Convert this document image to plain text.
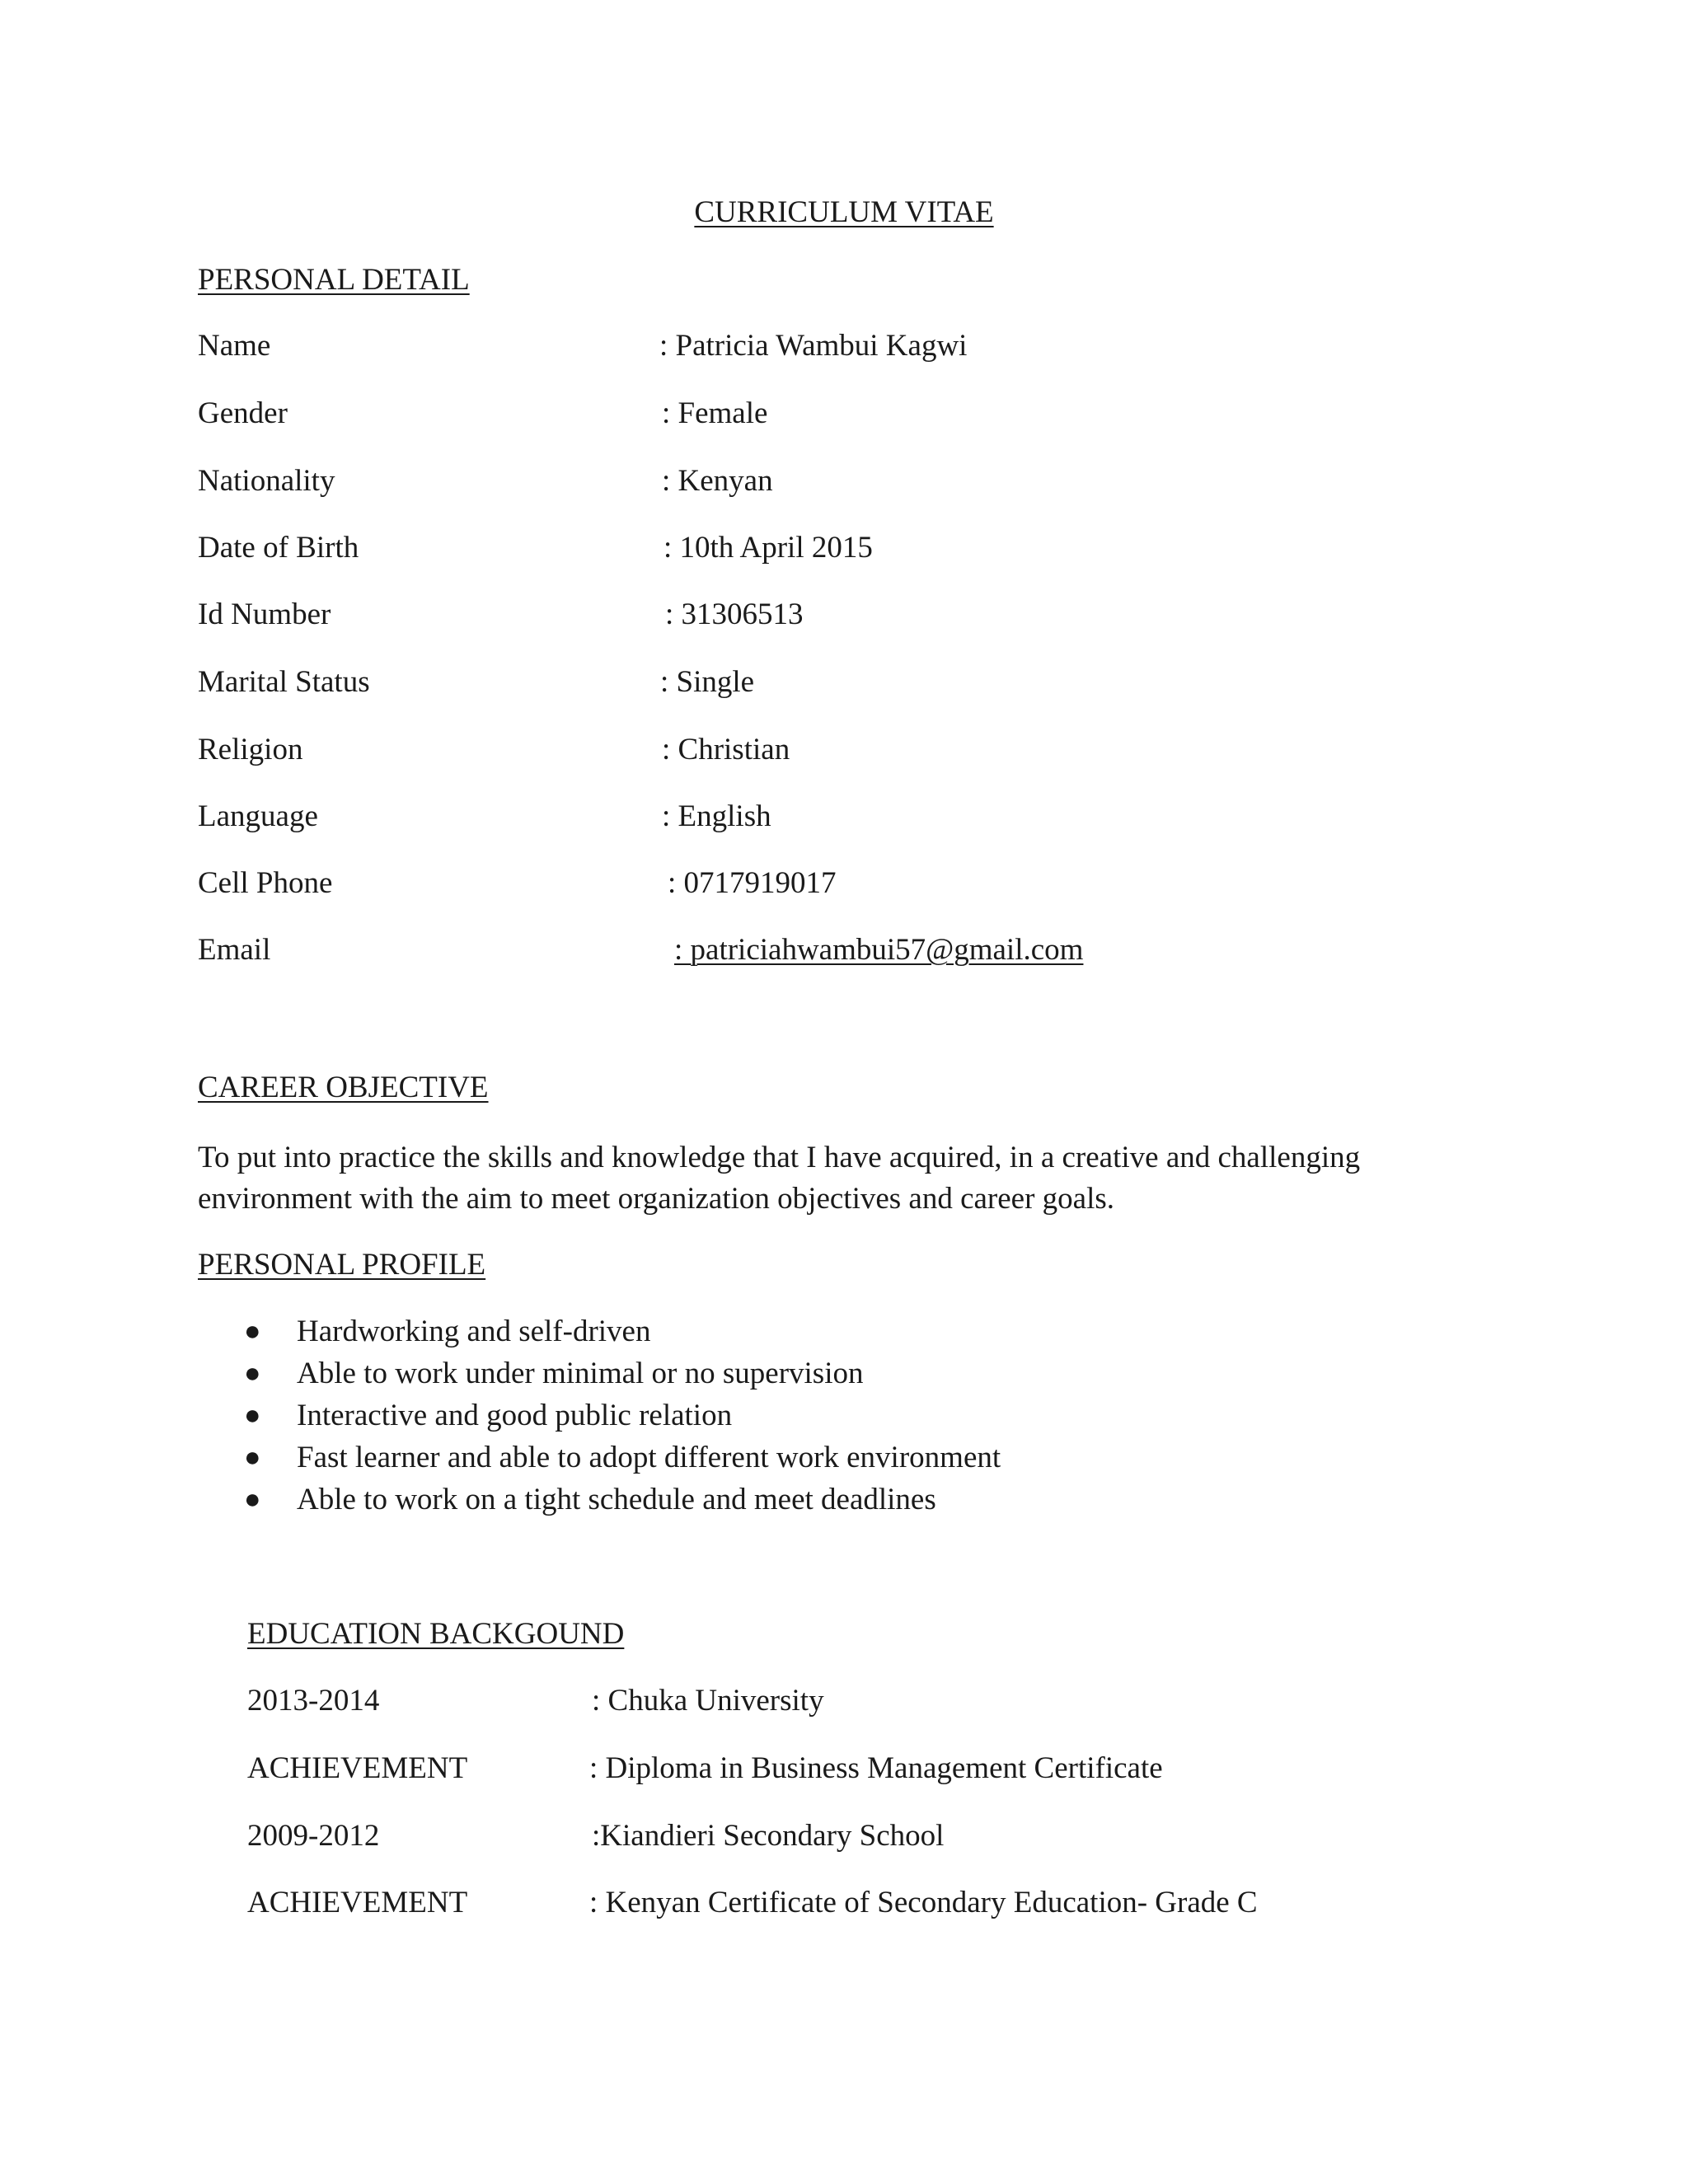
CURRICULUM VITAE
PERSONAL DETAIL
Name	: Patricia Wambui Kagwi
Gender	: Female
Nationality	: Kenyan
Date of Birth	: 10th April 2015
Id Number	: 31306513
Marital Status	: Single
Religion	: Christian
Language	: English
Cell Phone	: 0717919017
Email	: patriciahwambui57@gmail.com
CAREER OBJECTIVE
To put into practice the skills and knowledge that I have acquired, in a creative and challenging environment with the aim to meet organization objectives and career goals.
PERSONAL PROFILE
● Hardworking and self-driven
● Able to work under minimal or no supervision
● Interactive and good public relation
● Fast learner and able to adopt different work environment
● Able to work on a tight schedule and meet deadlines
EDUCATION BACKGOUND
2013-2014	: Chuka University
ACHIEVEMENT	: Diploma in Business Management Certificate
2009-2012	:Kiandieri Secondary School
ACHIEVEMENT	: Kenyan Certificate of Secondary Education- Grade C
